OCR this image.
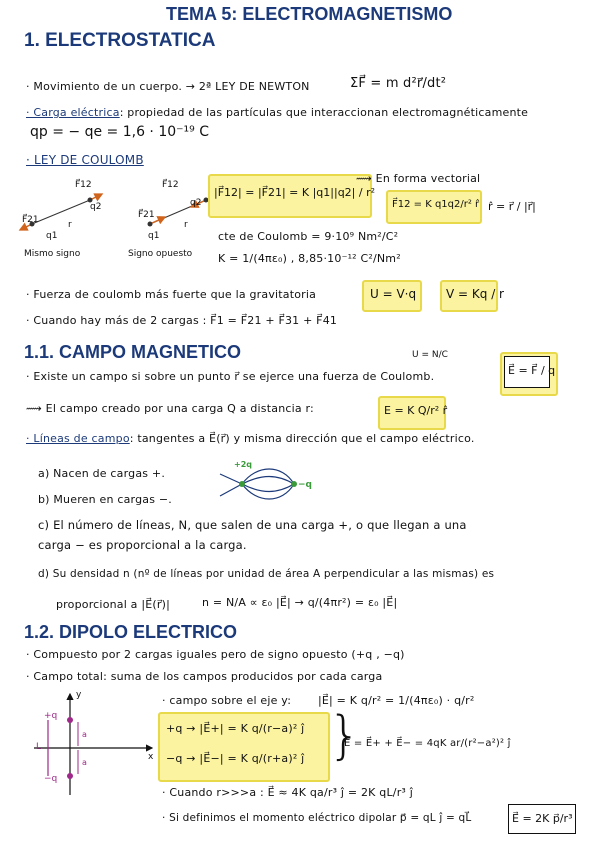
TEMA 5: ELECTROMAGNETISMO
1. ELECTROSTATICA
· Movimiento de un cuerpo. → 2ª LEY DE NEWTON	ΣF⃗ = m d²r⃗/dt²
· Carga eléctrica: propiedad de las partículas que interaccionan electromagnéticamente
qp = − qe = 1,6 · 10⁻¹⁹ C
· LEY DE COULOMB
F⃗12
q2
F⃗21
q1
r
Mismo signo
F⃗12
q2
F⃗21
q1
r
Signo opuesto
|F⃗12| = |F⃗21| = K |q1||q2| / r²
⟿ En forma vectorial
F⃗12 = K q1q2/r² r̂ r̂ = r⃗ / |r⃗|
cte de Coulomb = 9·10⁹ Nm²/C²
K = 1/(4πε₀) , 8,85·10⁻¹² C²/Nm²
· Fuerza de coulomb más fuerte que la gravitatoria	U = V·q V = Kq / r
· Cuando hay más de 2 cargas : F⃗1 = F⃗21 + F⃗31 + F⃗41
1.1. CAMPO MAGNETICO	U = N/C
· Existe un campo si sobre un punto r⃗ se ejerce una fuerza de Coulomb.	E⃗ = F⃗ / q
⟿ El campo creado por una carga Q a distancia r:	E = K Q/r² r̂
· Líneas de campo: tangentes a E⃗(r⃗) y misma dirección que el campo eléctrico.
a) Nacen de cargas +.
b) Mueren en cargas −.
+2q
−q
c) El número de líneas, N, que salen de una carga +, o que llegan a una
carga − es proporcional a la carga.
d) Su densidad n (nº de líneas por unidad de área A perpendicular a las mismas) es
proporcional a |E⃗(r⃗)|	n = N/A ∝ ε₀ |E⃗| → q/(4πr²) = ε₀ |E⃗|
1.2. DIPOLO ELECTRICO
· Compuesto por 2 cargas iguales pero de signo opuesto (+q , −q)
· Campo total: suma de los campos producidos por cada carga
y
x
+q
−q
L
a
a
· campo sobre el eje y: |E⃗| = K q/r² = 1/(4πε₀) · q/r²
+q → |E⃗+| = K q/(r−a)² ĵ
−q → |E⃗−| = K q/(r+a)² ĵ }
E⃗ = E⃗+ + E⃗− = 4qK ar/(r²−a²)² ĵ
· Cuando r>>>a : E⃗ ≈ 4K qa/r³ ĵ = 2K qL/r³ ĵ
· Si definimos el momento eléctrico dipolar p⃗ = qL ĵ = qL⃗	E⃗ = 2K p⃗/r³
